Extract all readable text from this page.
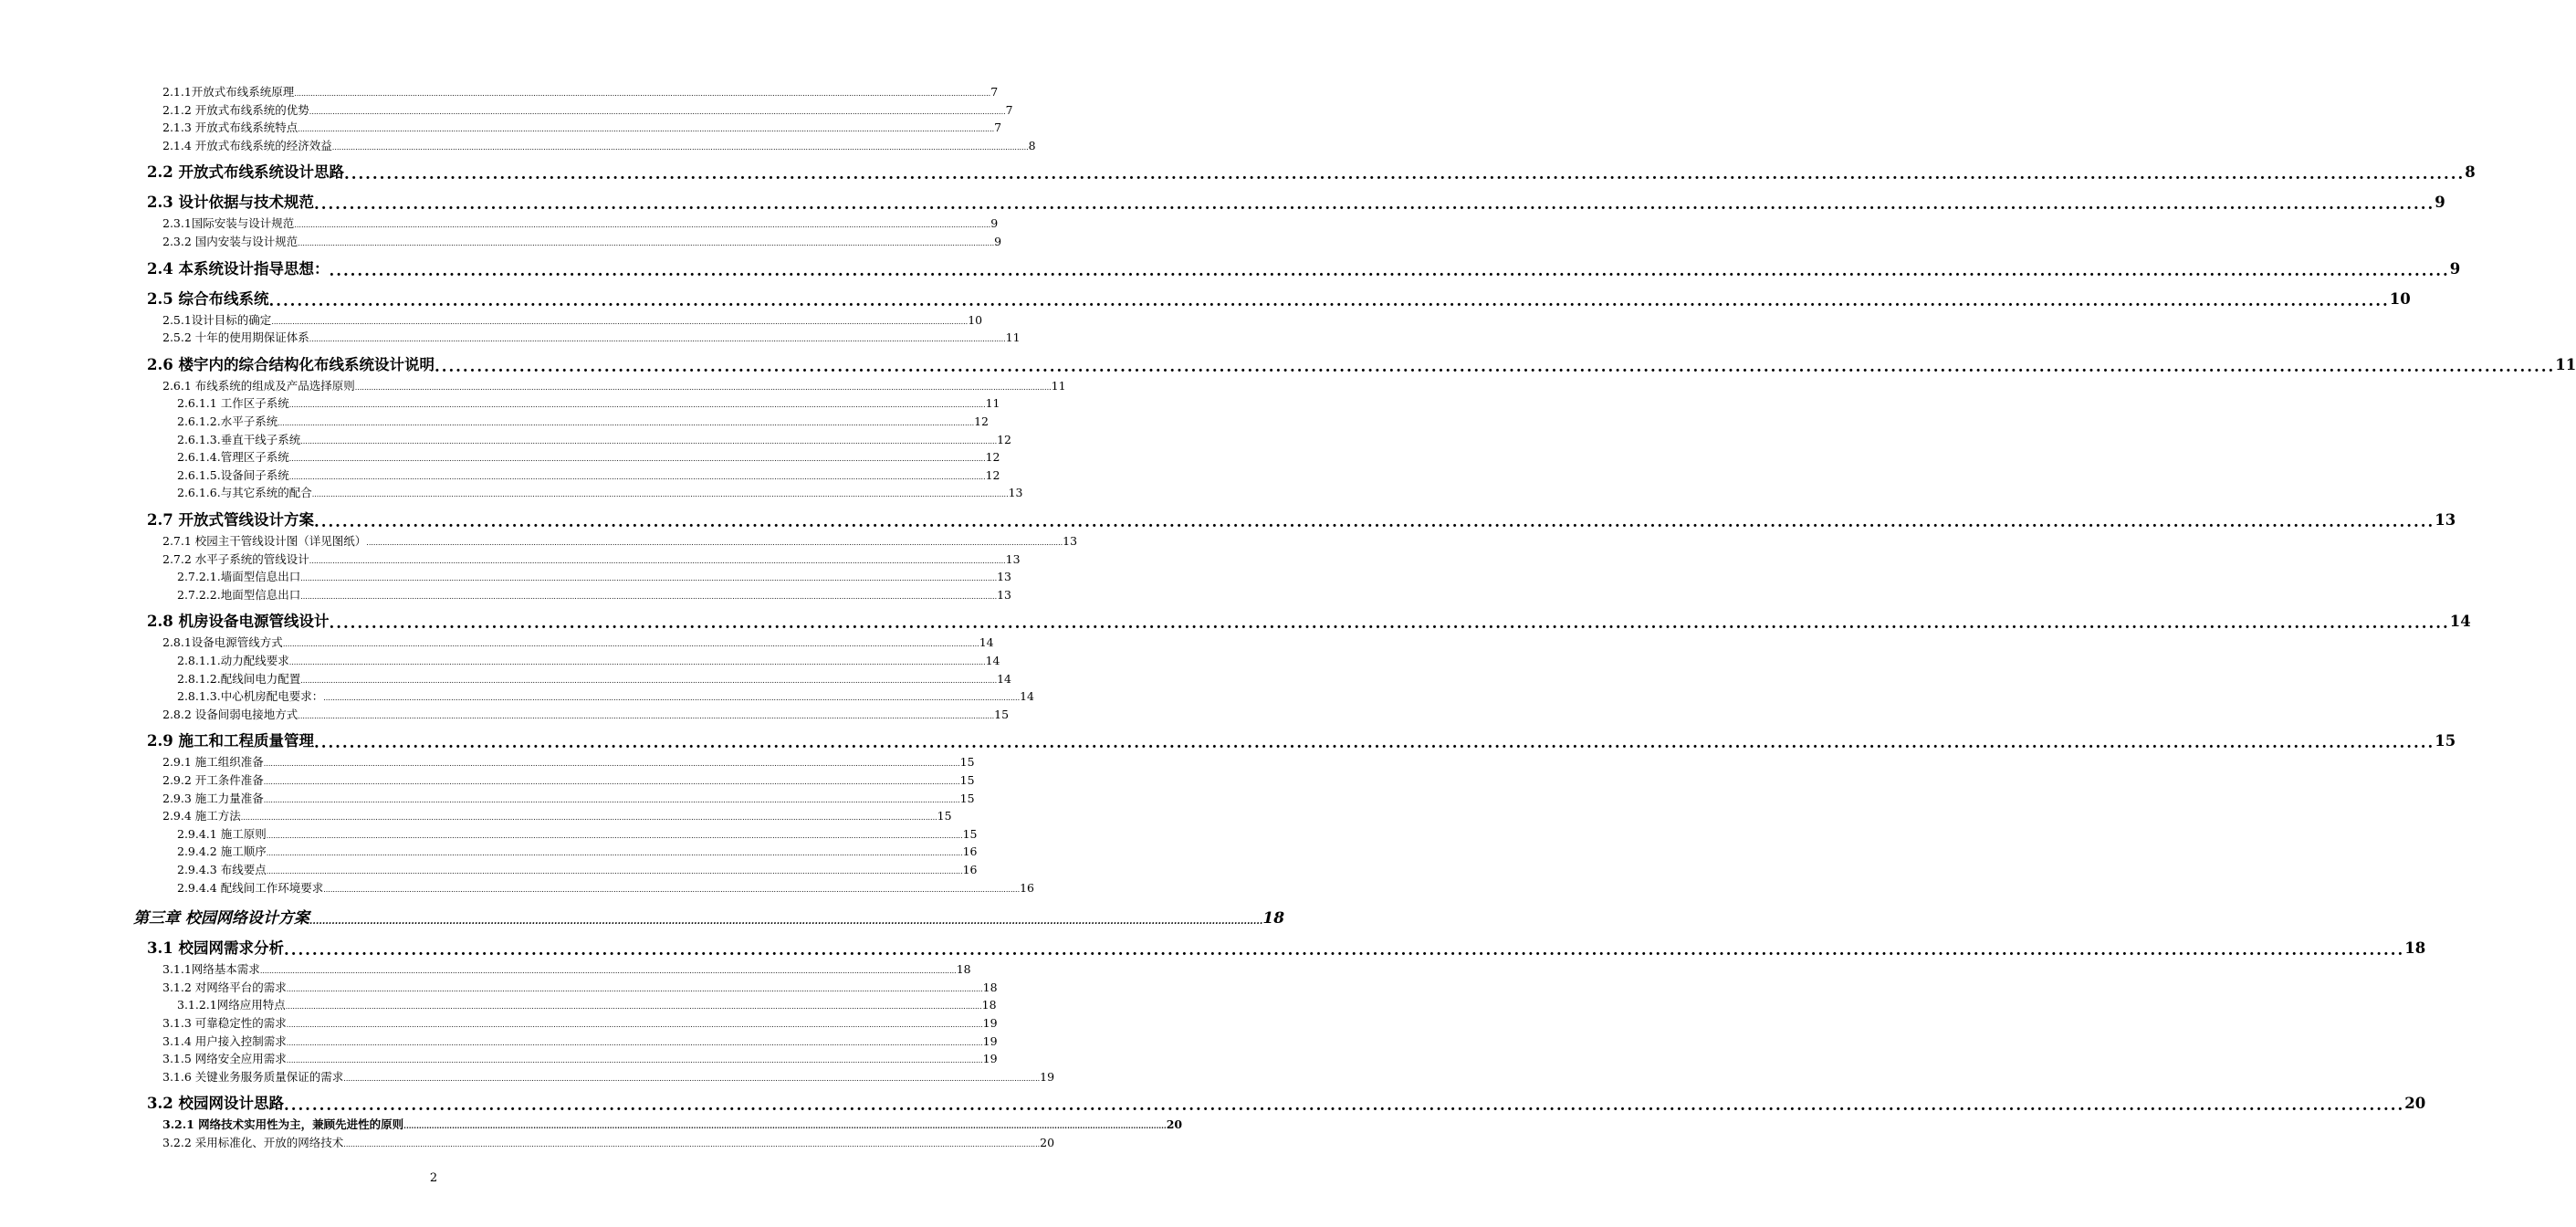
2.1.1开放式布线系统原理 ............................................................................................................................................................................................................................................................................................................ 7
2.1.2 开放式布线系统的优势 ............................................................................................................................................................................................................................................................................................................ 7
2.1.3 开放式布线系统特点 ............................................................................................................................................................................................................................................................................................................ 7
2.1.4 开放式布线系统的经济效益 ............................................................................................................................................................................................................................................................................................................ 8
2.2 开放式布线系统设计思路 ............................................................................................................................................................................................................................................................................................................ 8
2.3 设计依据与技术规范 ............................................................................................................................................................................................................................................................................................................ 9
2.3.1国际安装与设计规范 ............................................................................................................................................................................................................................................................................................................ 9
2.3.2 国内安装与设计规范 ............................................................................................................................................................................................................................................................................................................ 9
2.4 本系统设计指导思想： ............................................................................................................................................................................................................................................................................................................ 9
2.5 综合布线系统 ............................................................................................................................................................................................................................................................................................................ 10
2.5.1设计目标的确定 ............................................................................................................................................................................................................................................................................................................ 10
2.5.2 十年的使用期保证体系 ............................................................................................................................................................................................................................................................................................................ 11
2.6 楼宇内的综合结构化布线系统设计说明 ............................................................................................................................................................................................................................................................................................................ 11
2.6.1 布线系统的组成及产品选择原则 ............................................................................................................................................................................................................................................................................................................ 11
2.6.1.1 工作区子系统 ............................................................................................................................................................................................................................................................................................................ 11
2.6.1.2.水平子系统 ............................................................................................................................................................................................................................................................................................................ 12
2.6.1.3.垂直干线子系统 ............................................................................................................................................................................................................................................................................................................ 12
2.6.1.4.管理区子系统 ............................................................................................................................................................................................................................................................................................................ 12
2.6.1.5.设备间子系统 ............................................................................................................................................................................................................................................................................................................ 12
2.6.1.6.与其它系统的配合 ............................................................................................................................................................................................................................................................................................................ 13
2.7 开放式管线设计方案 ............................................................................................................................................................................................................................................................................................................ 13
2.7.1 校园主干管线设计图（详见图纸） ............................................................................................................................................................................................................................................................................................................ 13
2.7.2 水平子系统的管线设计 ............................................................................................................................................................................................................................................................................................................ 13
2.7.2.1.墙面型信息出口 ............................................................................................................................................................................................................................................................................................................ 13
2.7.2.2.地面型信息出口 ............................................................................................................................................................................................................................................................................................................ 13
2.8 机房设备电源管线设计 ............................................................................................................................................................................................................................................................................................................ 14
2.8.1设备电源管线方式 ............................................................................................................................................................................................................................................................................................................ 14
2.8.1.1.动力配线要求 ............................................................................................................................................................................................................................................................................................................ 14
2.8.1.2.配线间电力配置 ............................................................................................................................................................................................................................................................................................................ 14
2.8.1.3.中心机房配电要求： ............................................................................................................................................................................................................................................................................................................ 14
2.8.2 设备间弱电接地方式 ............................................................................................................................................................................................................................................................................................................ 15
2.9 施工和工程质量管理 ............................................................................................................................................................................................................................................................................................................ 15
2.9.1 施工组织准备 ............................................................................................................................................................................................................................................................................................................ 15
2.9.2 开工条件准备 ............................................................................................................................................................................................................................................................................................................ 15
2.9.3 施工力量准备 ............................................................................................................................................................................................................................................................................................................ 15
2.9.4 施工方法 ............................................................................................................................................................................................................................................................................................................ 15
2.9.4.1 施工原则 ............................................................................................................................................................................................................................................................................................................ 15
2.9.4.2 施工顺序 ............................................................................................................................................................................................................................................................................................................ 16
2.9.4.3 布线要点 ............................................................................................................................................................................................................................................................................................................ 16
2.9.4.4 配线间工作环境要求 ............................................................................................................................................................................................................................................................................................................ 16
第三章 校园网络设计方案 ............................................................................................................................................................................................................................................................................................................ 18
3.1 校园网需求分析 ............................................................................................................................................................................................................................................................................................................ 18
3.1.1网络基本需求 ............................................................................................................................................................................................................................................................................................................ 18
3.1.2 对网络平台的需求 ............................................................................................................................................................................................................................................................................................................ 18
3.1.2.1网络应用特点 ............................................................................................................................................................................................................................................................................................................ 18
3.1.3 可靠稳定性的需求 ............................................................................................................................................................................................................................................................................................................ 19
3.1.4 用户接入控制需求 ............................................................................................................................................................................................................................................................................................................ 19
3.1.5 网络安全应用需求 ............................................................................................................................................................................................................................................................................................................ 19
3.1.6 关键业务服务质量保证的需求 ............................................................................................................................................................................................................................................................................................................ 19
3.2 校园网设计思路 ............................................................................................................................................................................................................................................................................................................ 20
3.2.1 网络技术实用性为主，兼顾先进性的原则 ............................................................................................................................................................................................................................................................................................................ 20
3.2.2 采用标准化、开放的网络技术 ............................................................................................................................................................................................................................................................................................................ 20
2
